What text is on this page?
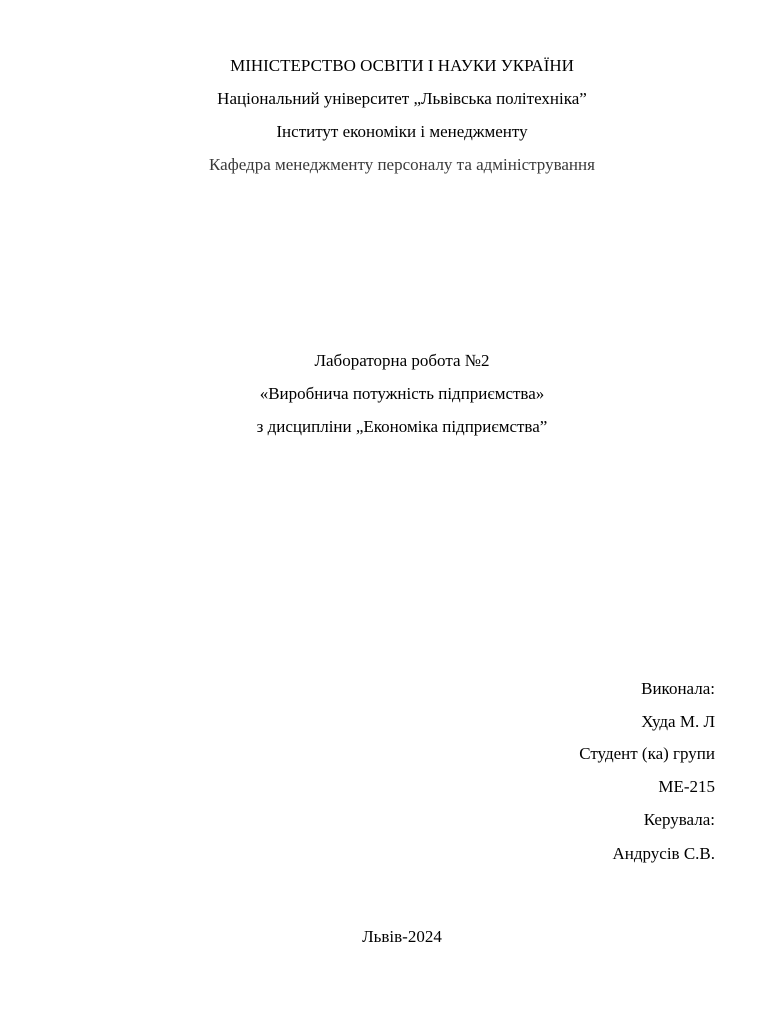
МІНІСТЕРСТВО ОСВІТИ І НАУКИ УКРАЇНИ
Національний університет „Львівська політехніка”
Інститут економіки і менеджменту
Кафедра менеджменту персоналу та адміністрування
Лабораторна робота №2
«Виробнича потужність підприємства»
з дисципліни „Економіка підприємства”
Виконала:
Худа М. Л
Студент (ка) групи
МЕ-215
Керувала:
Андрусів С.В.
Львів-2024
